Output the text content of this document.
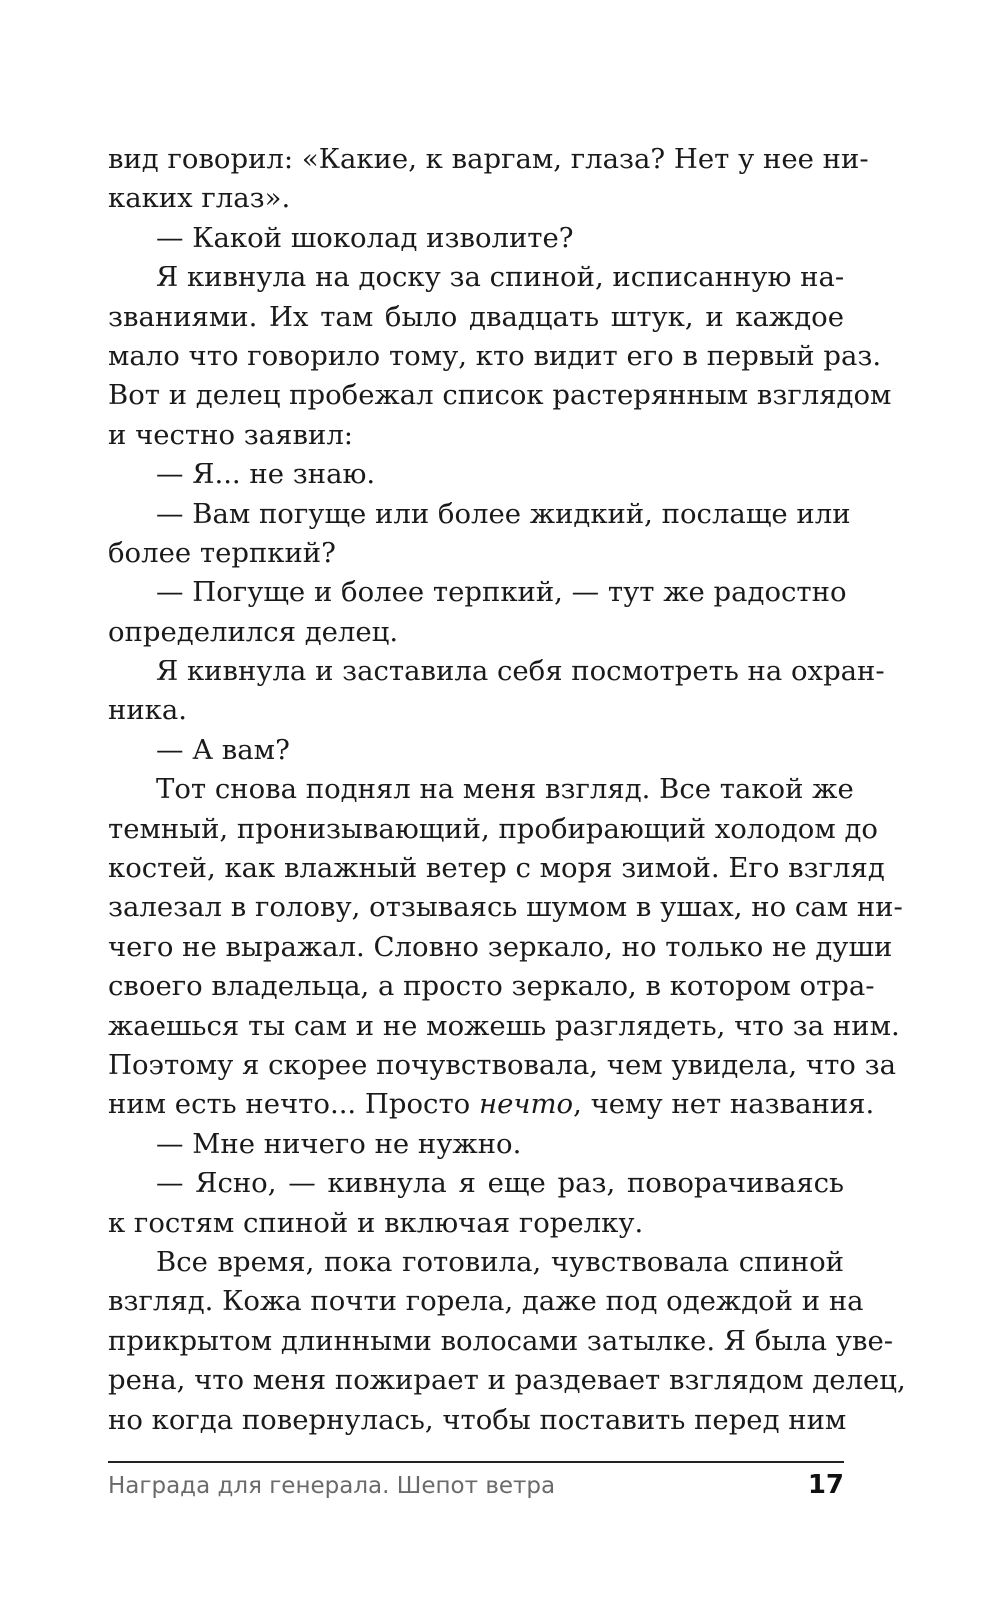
вид говорил: «Какие, к варгам, глаза? Нет у нее ни-
каких глаз».
— Какой шоколад изволите?
Я кивнула на доску за спиной, исписанную на-
званиями. Их там было двадцать штук, и каждое
мало что говорило тому, кто видит его в первый раз.
Вот и делец пробежал список растерянным взглядом
и честно заявил:
— Я... не знаю.
— Вам погуще или более жидкий, послаще или
более терпкий?
— Погуще и более терпкий, — тут же радостно
определился делец.
Я кивнула и заставила себя посмотреть на охран-
ника.
— А вам?
Тот снова поднял на меня взгляд. Все такой же
темный, пронизывающий, пробирающий холодом до
костей, как влажный ветер с моря зимой. Его взгляд
залезал в голову, отзываясь шумом в ушах, но сам ни-
чего не выражал. Словно зеркало, но только не души
своего владельца, а просто зеркало, в котором отра-
жаешься ты сам и не можешь разглядеть, что за ним.
Поэтому я скорее почувствовала, чем увидела, что за
ним есть нечто... Просто нечто, чему нет названия.
— Мне ничего не нужно.
— Ясно, — кивнула я еще раз, поворачиваясь
к гостям спиной и включая горелку.
Все время, пока готовила, чувствовала спиной
взгляд. Кожа почти горела, даже под одеждой и на
прикрытом длинными волосами затылке. Я была уве-
рена, что меня пожирает и раздевает взглядом делец,
но когда повернулась, чтобы поставить перед ним
Награда для генерала. Шепот ветра	17
